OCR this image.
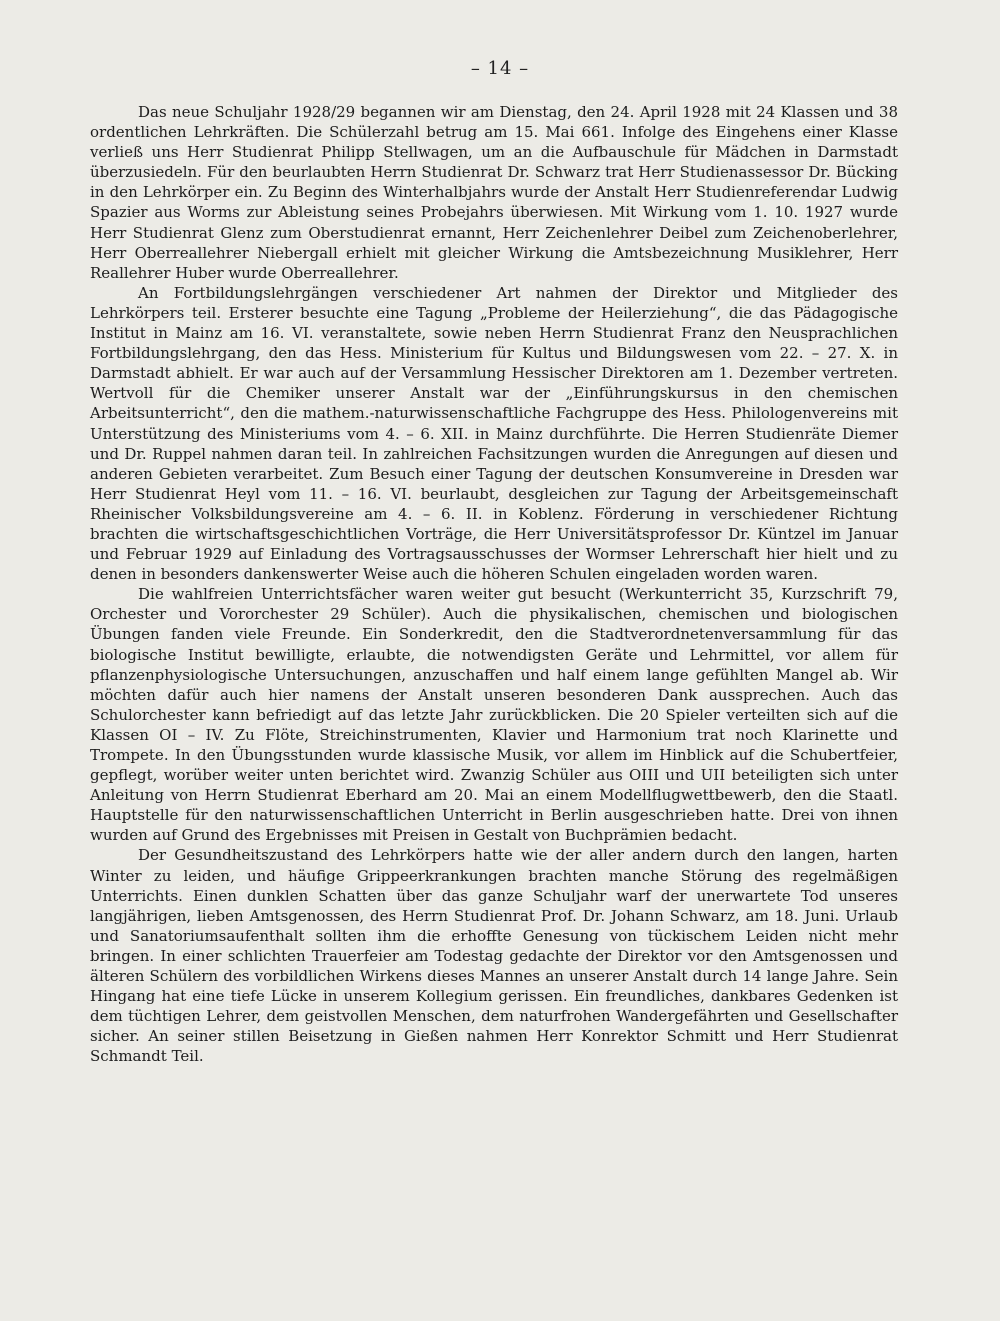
– 14 –

Das neue Schuljahr 1928/29 begannen wir am Dienstag, den 24. April 1928 mit 24 Klassen und 38 ordentlichen Lehrkräften. Die Schülerzahl betrug am 15. Mai 661. Infolge des Eingehens einer Klasse verließ uns Herr Studienrat Philipp Stellwagen, um an die Aufbauschule für Mädchen in Darmstadt überzusiedeln. Für den beurlaubten Herrn Studienrat Dr. Schwarz trat Herr Studienassessor Dr. Bücking in den Lehrkörper ein. Zu Beginn des Winterhalbjahrs wurde der Anstalt Herr Studienreferendar Ludwig Spazier aus Worms zur Ableistung seines Probejahrs überwiesen. Mit Wirkung vom 1. 10. 1927 wurde Herr Studienrat Glenz zum Oberstudienrat ernannt, Herr Zeichenlehrer Deibel zum Zeichenoberlehrer, Herr Oberreallehrer Niebergall erhielt mit gleicher Wirkung die Amtsbezeichnung Musiklehrer, Herr Reallehrer Huber wurde Oberreallehrer.

An Fortbildungslehrgängen verschiedener Art nahmen der Direktor und Mitglieder des Lehrkörpers teil. Ersterer besuchte eine Tagung „Probleme der Heilerziehung“, die das Pädagogische Institut in Mainz am 16. VI. veranstaltete, sowie neben Herrn Studienrat Franz den Neusprachlichen Fortbildungslehrgang, den das Hess. Ministerium für Kultus und Bildungswesen vom 22. – 27. X. in Darmstadt abhielt. Er war auch auf der Versammlung Hessischer Direktoren am 1. Dezember vertreten. Wertvoll für die Chemiker unserer Anstalt war der „Einführungskursus in den chemischen Arbeitsunterricht“, den die mathem.-naturwissenschaftliche Fachgruppe des Hess. Philologenvereins mit Unterstützung des Ministeriums vom 4. – 6. XII. in Mainz durchführte. Die Herren Studienräte Diemer und Dr. Ruppel nahmen daran teil. In zahlreichen Fachsitzungen wurden die Anregungen auf diesen und anderen Gebieten verarbeitet. Zum Besuch einer Tagung der deutschen Konsumvereine in Dresden war Herr Studienrat Heyl vom 11. – 16. VI. beurlaubt, desgleichen zur Tagung der Arbeitsgemeinschaft Rheinischer Volksbildungsvereine am 4. – 6. II. in Koblenz. Förderung in verschiedener Richtung brachten die wirtschaftsgeschichtlichen Vorträge, die Herr Universitätsprofessor Dr. Küntzel im Januar und Februar 1929 auf Einladung des Vortragsausschusses der Wormser Lehrerschaft hier hielt und zu denen in besonders dankenswerter Weise auch die höheren Schulen eingeladen worden waren.

Die wahlfreien Unterrichtsfächer waren weiter gut besucht (Werkunterricht 35, Kurzschrift 79, Orchester und Vororchester 29 Schüler). Auch die physikalischen, chemischen und biologischen Übungen fanden viele Freunde. Ein Sonderkredit, den die Stadtverordnetenversammlung für das biologische Institut bewilligte, erlaubte, die notwendigsten Geräte und Lehrmittel, vor allem für pflanzenphysiologische Untersuchungen, anzuschaffen und half einem lange gefühlten Mangel ab. Wir möchten dafür auch hier namens der Anstalt unseren besonderen Dank aussprechen. Auch das Schulorchester kann befriedigt auf das letzte Jahr zurückblicken. Die 20 Spieler verteilten sich auf die Klassen OI – IV. Zu Flöte, Streichinstrumenten, Klavier und Harmonium trat noch Klarinette und Trompete. In den Übungsstunden wurde klassische Musik, vor allem im Hinblick auf die Schubertfeier, gepflegt, worüber weiter unten berichtet wird. Zwanzig Schüler aus OIII und UII beteiligten sich unter Anleitung von Herrn Studienrat Eberhard am 20. Mai an einem Modellflugwettbewerb, den die Staatl. Hauptstelle für den naturwissenschaftlichen Unterricht in Berlin ausgeschrieben hatte. Drei von ihnen wurden auf Grund des Ergebnisses mit Preisen in Gestalt von Buchprämien bedacht.

Der Gesundheitszustand des Lehrkörpers hatte wie der aller andern durch den langen, harten Winter zu leiden, und häufige Grippeerkrankungen brachten manche Störung des regelmäßigen Unterrichts. Einen dunklen Schatten über das ganze Schuljahr warf der unerwartete Tod unseres langjährigen, lieben Amtsgenossen, des Herrn Studienrat Prof. Dr. Johann Schwarz, am 18. Juni. Urlaub und Sanatoriumsaufenthalt sollten ihm die erhoffte Genesung von tückischem Leiden nicht mehr bringen. In einer schlichten Trauerfeier am Todestag gedachte der Direktor vor den Amtsgenossen und älteren Schülern des vorbildlichen Wirkens dieses Mannes an unserer Anstalt durch 14 lange Jahre. Sein Hingang hat eine tiefe Lücke in unserem Kollegium gerissen. Ein freundliches, dankbares Gedenken ist dem tüchtigen Lehrer, dem geistvollen Menschen, dem naturfrohen Wandergefährten und Gesellschafter sicher. An seiner stillen Beisetzung in Gießen nahmen Herr Konrektor Schmitt und Herr Studienrat Schmandt Teil.
